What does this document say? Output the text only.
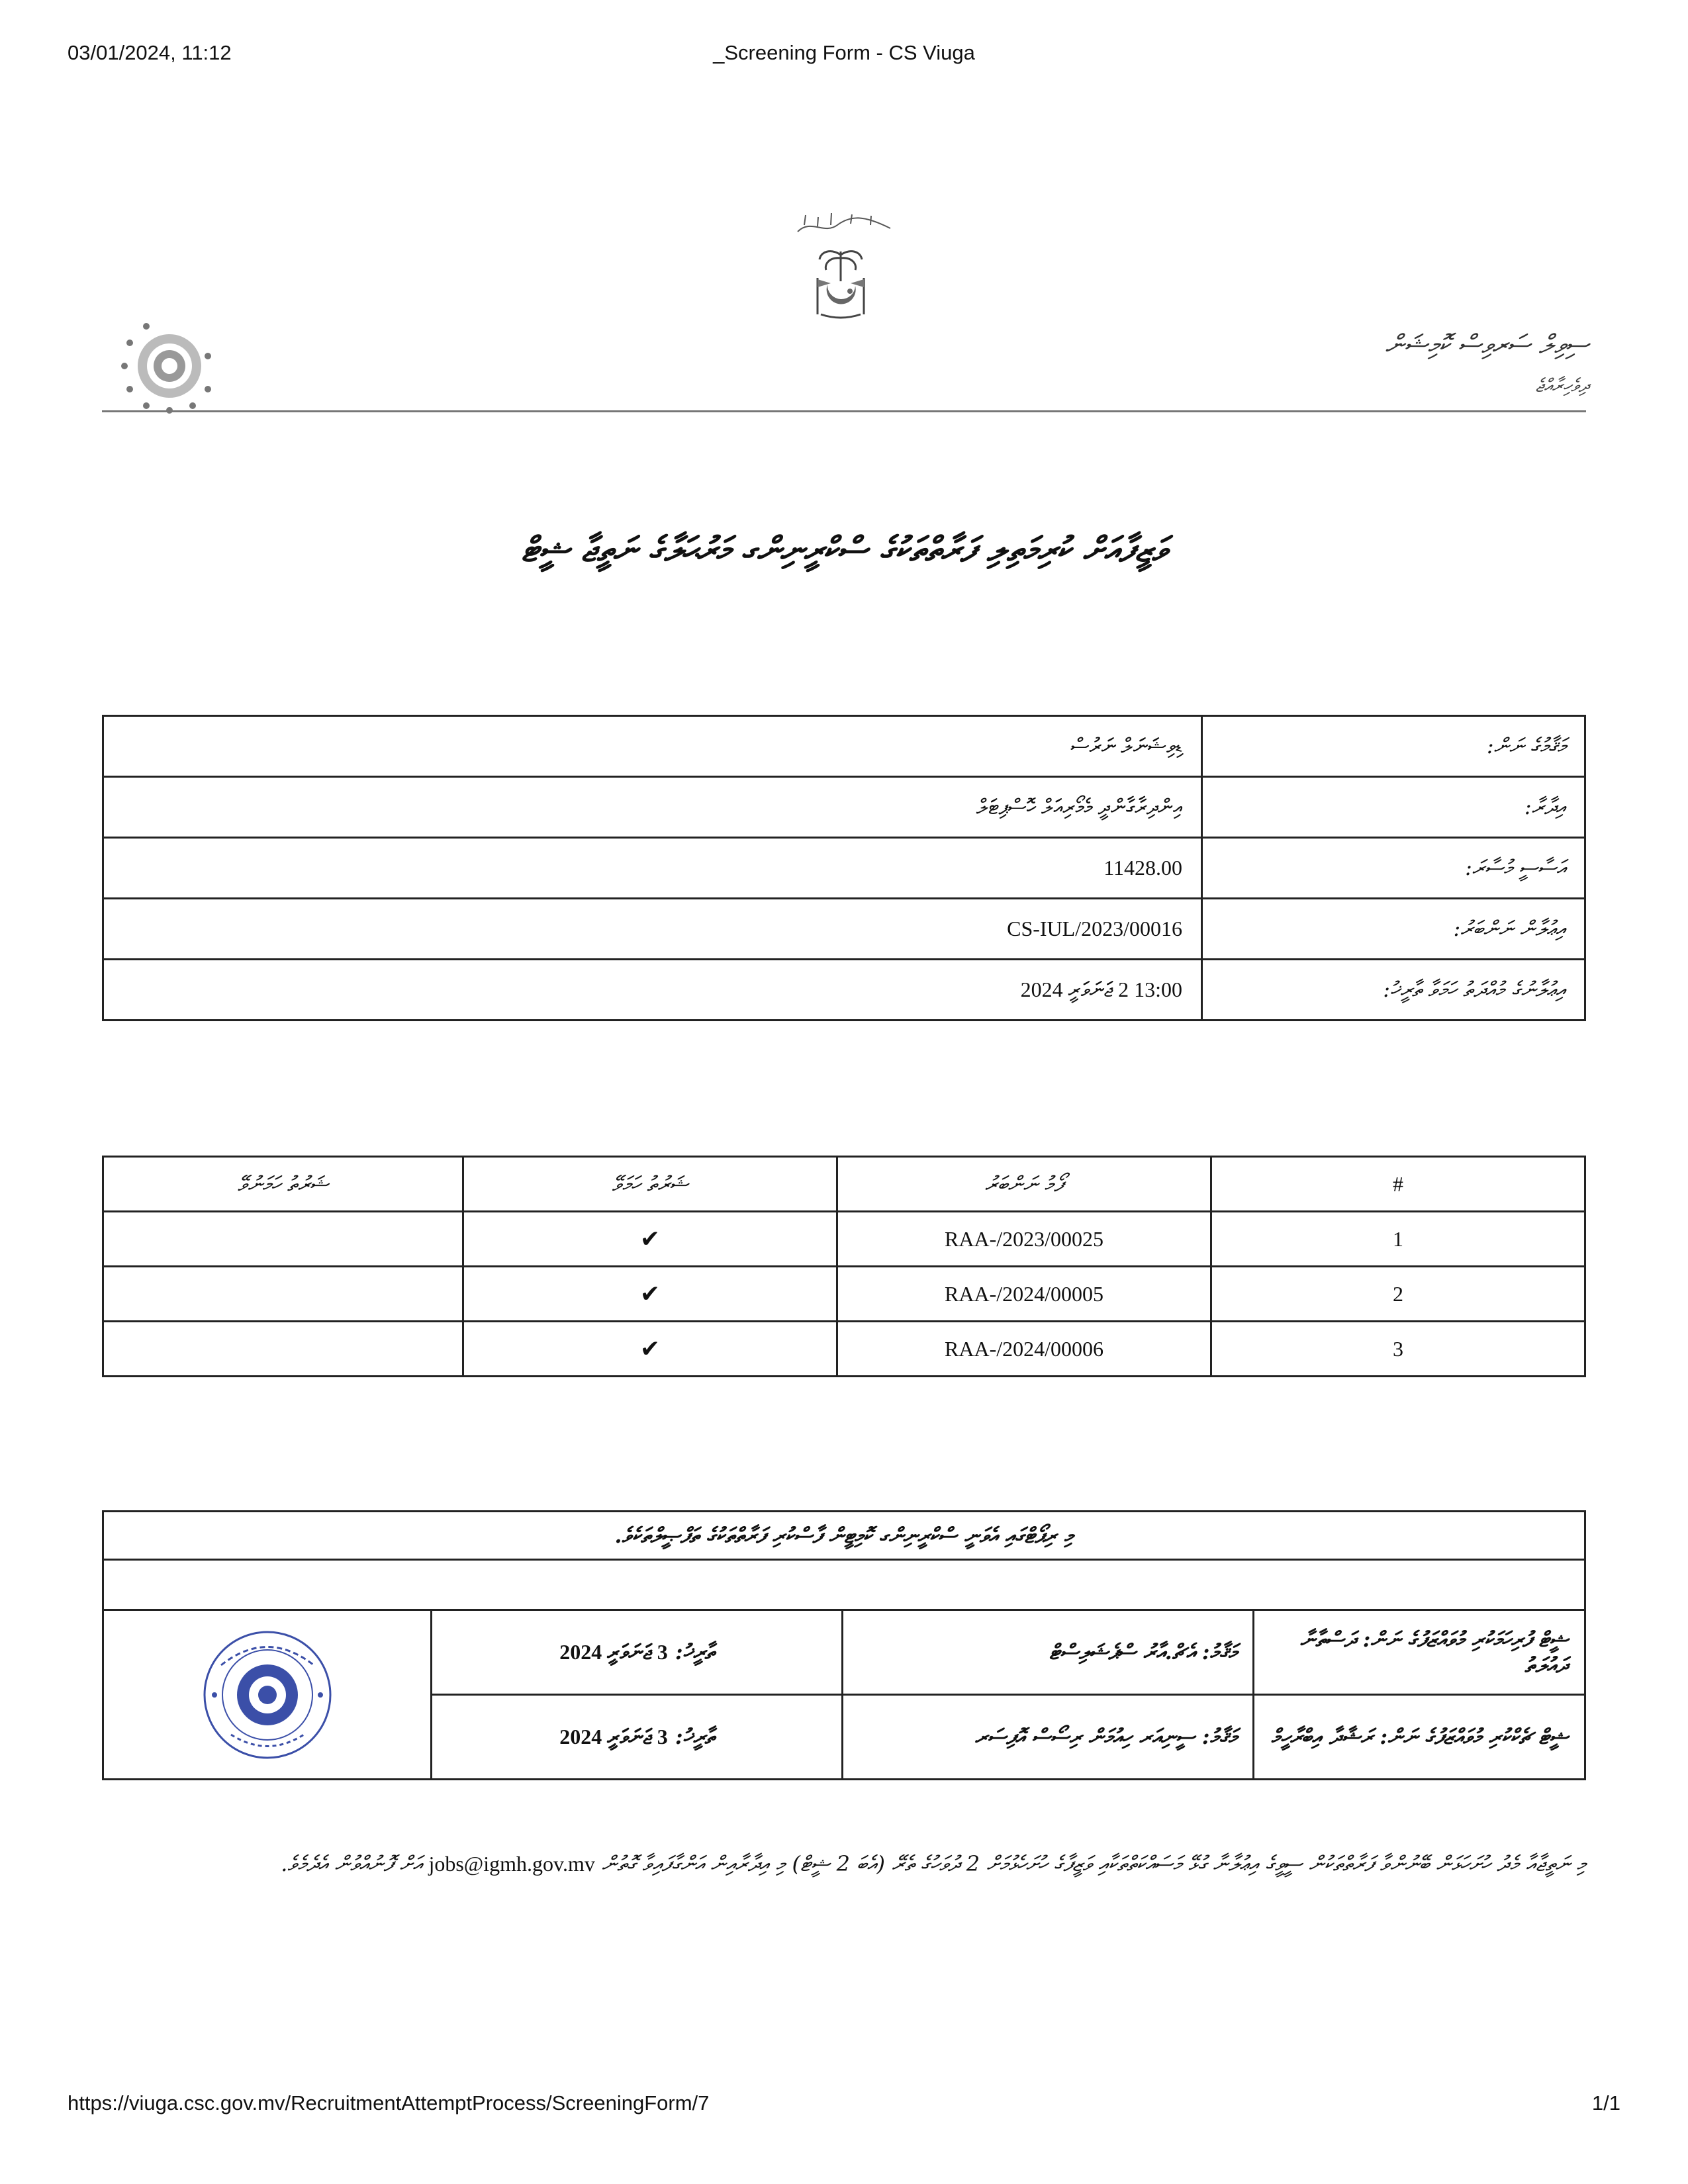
03/01/2024, 11:12	_Screening Form - CS Viuga
ސިވިލް ސަރވިސް ކޮމިޝަން
ދިވެހިރާއްޖެ
ވަޒީފާއަށް ކުރިމަތިލި ފަރާތްތަކުގެ ސްކްރީނިންގ މަރުޙަލާގެ ނަތީޖާ ޝީޓް
ޑިވިޝަނަލް ނަރުސް	މަޤާމުގެ ނަން:
އިންދިރާގާންދީ މެމޯރިއަލް ހޮސްޕިޓަލް	އިދާރާ:
11428.00	އަސާސީ މުސާރަ:
CS-IUL/2023/00016	އިޢުލާން ނަންބަރު:
13:00 2 ޖަނަވަރީ 2024	އިޢުލާނުގެ މުއްދަތު ހަމަވާ ތާރީޚު:
ޝަރުތު ހަމަނުވޭ	ޝަރުތު ހަމަވޭ	ފޯމު ނަންބަރު	#
	✔	RAA-/2023/00025	1
	✔	RAA-/2024/00005	2
	✔	RAA-/2024/00006	3
މި ރިޕޯޓްގައި އެވަނީ ސްކްރީނިންގ ކޮމިޓީން ފާސްކުރި ފަރާތްތަކުގެ ތަފްޞީލްތަކެވެ.			

	ތާރީޚު: 3 ޖަނަވަރީ 2024	މަޤާމު: އެޗް.އާރު ސްޕެޝަލިސްޓް	ޝީޓް ފުރިހަމަކުރި މުވައްޒަފުގެ ނަން: ދަސްތާނާ ދައުލަތު
	ތާރީޚު: 3 ޖަނަވަރީ 2024	މަޤާމު: ސީނިއަރ ހިއުމަން ރިސޯސް އޮފިސަރ	ޝީޓް ޗެކްކުރި މުވައްޒަފުގެ ނަން: ރަޝާދާ އިބްރާހީމް
މި ނަތީޖާއާ މެދު ހުށަހަޅަން ބޭނުންވާ ފަރާތްތަކުން ސީވީގެ އިޢުލާނާ ގުޅޭ މަސައްކަތްތަކާއި ވަޒީފާގެ ހުށަހެޅުމަށް 2 ދުވަހުގެ ތެރޭ (އެބަ 2 ޝީޓް) މި އިދާރާއިން އަންގާފައިވާ ގޮތުން jobs@igmh.gov.mv އަށް ފޮނުއްވުން އެދެމެވެ.
https://viuga.csc.gov.mv/RecruitmentAttemptProcess/ScreeningForm/7	1/1
